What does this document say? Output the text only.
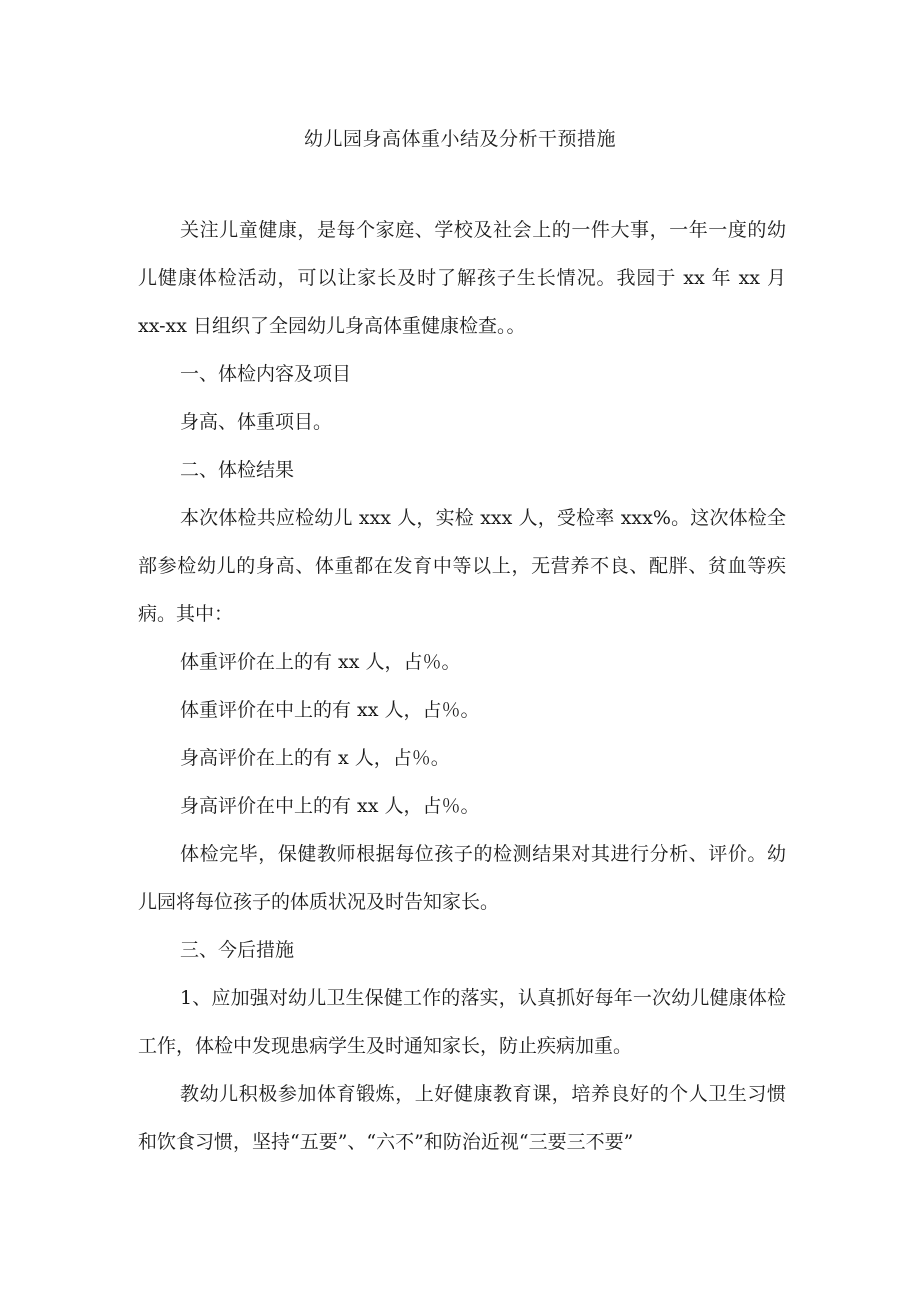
幼儿园身高体重小结及分析干预措施

关注儿童健康，是每个家庭、学校及社会上的一件大事，一年一度的幼儿健康体检活动，可以让家长及时了解孩子生长情况。我园于 xx 年 xx 月 xx-xx 日组织了全园幼儿身高体重健康检查。。

一、体检内容及项目

身高、体重项目。

二、体检结果

本次体检共应检幼儿 xxx 人，实检 xxx 人，受检率 xxx%。这次体检全部参检幼儿的身高、体重都在发育中等以上，无营养不良、配胖、贫血等疾病。其中：

体重评价在上的有 xx 人，占％。

体重评价在中上的有 xx 人，占％。

身高评价在上的有 x 人，占％。

身高评价在中上的有 xx 人，占％。

体检完毕，保健教师根据每位孩子的检测结果对其进行分析、评价。幼儿园将每位孩子的体质状况及时告知家长。

三、今后措施

1、应加强对幼儿卫生保健工作的落实，认真抓好每年一次幼儿健康体检工作，体检中发现患病学生及时通知家长，防止疾病加重。

教幼儿积极参加体育锻炼，上好健康教育课，培养良好的个人卫生习惯和饮食习惯，坚持“五要”、“六不”和防治近视“三要三不要”
